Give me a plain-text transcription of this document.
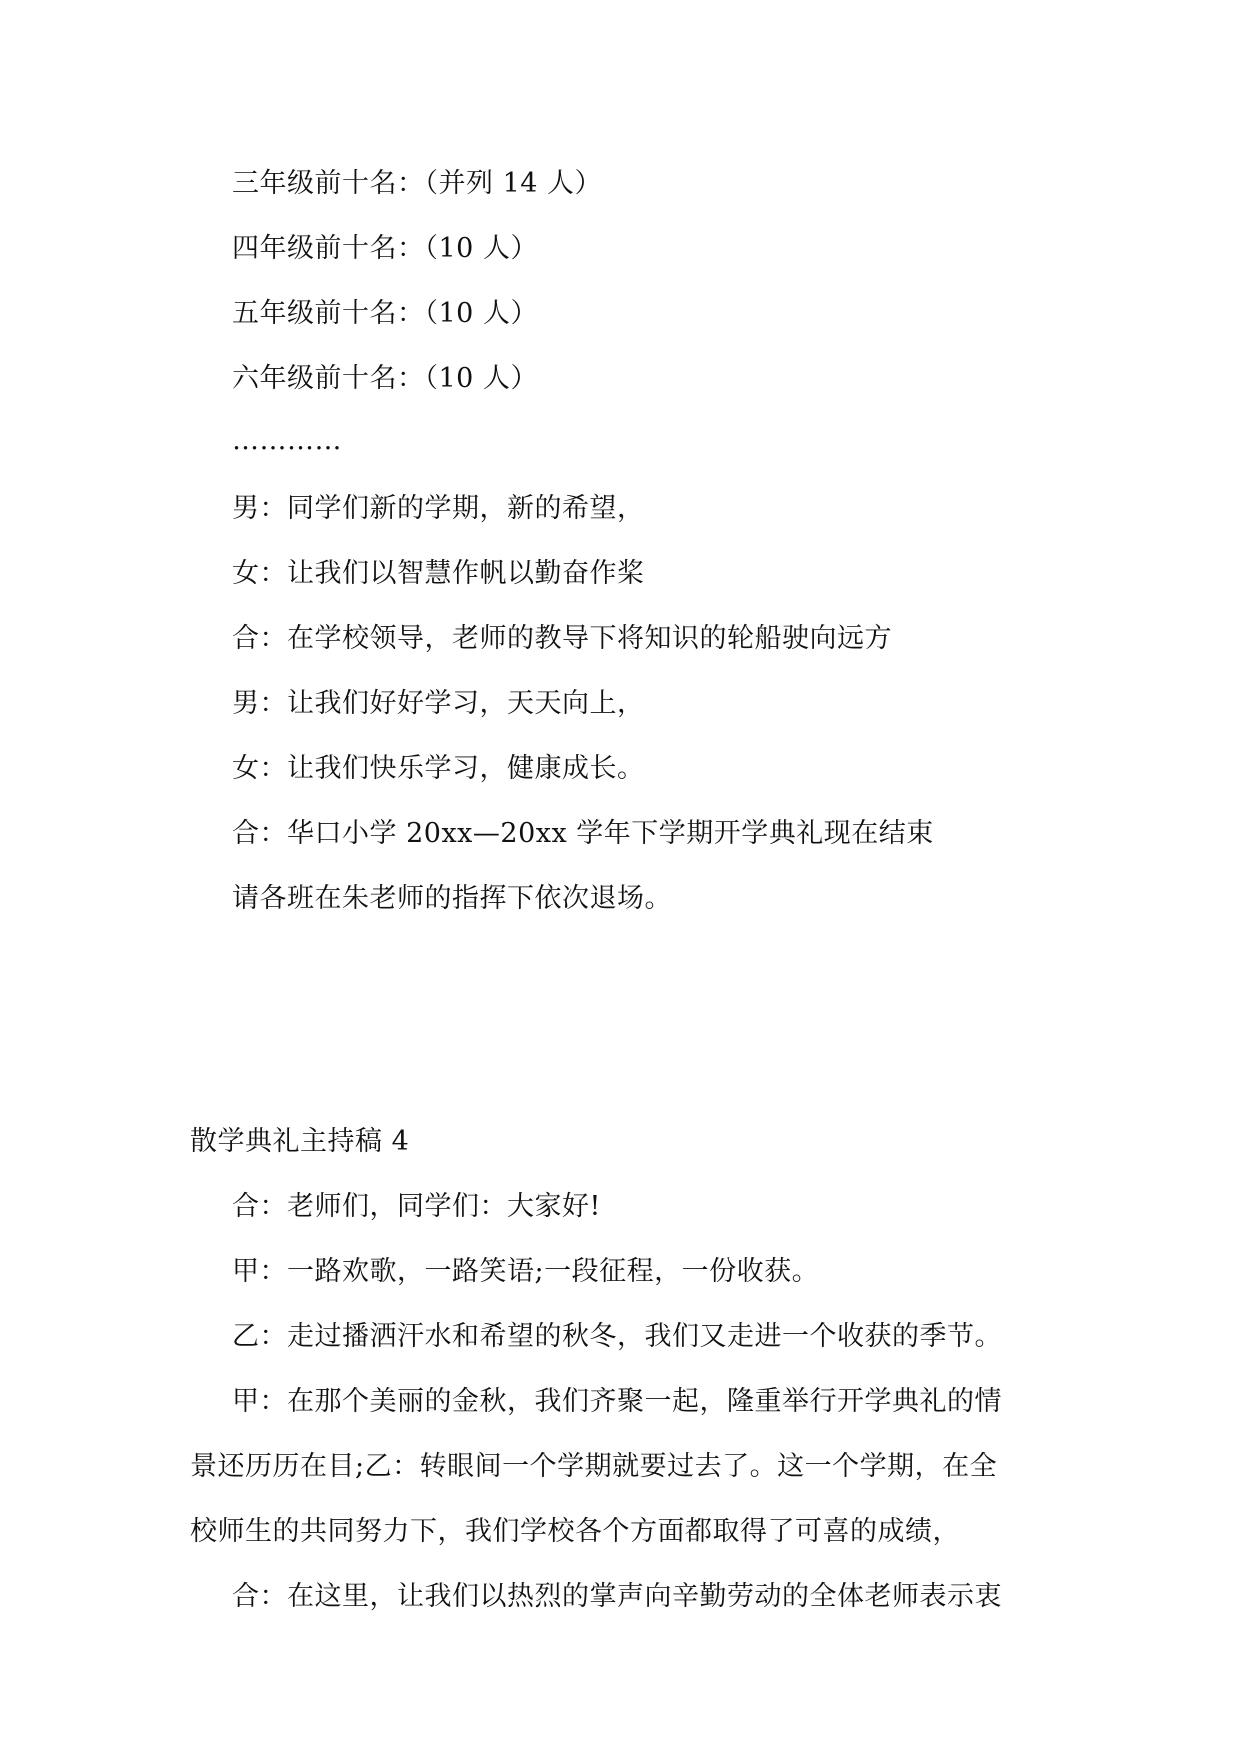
三年级前十名：（并列 14 人）
四年级前十名：（10 人）
五年级前十名：（10 人）
六年级前十名：（10 人）
…………
男：同学们新的学期，新的希望，
女：让我们以智慧作帆以勤奋作桨
合：在学校领导，老师的教导下将知识的轮船驶向远方
男：让我们好好学习，天天向上，
女：让我们快乐学习，健康成长。
合：华口小学 20xx—20xx 学年下学期开学典礼现在结束
请各班在朱老师的指挥下依次退场。
散学典礼主持稿 4
合：老师们，同学们：大家好!
甲：一路欢歌，一路笑语;一段征程，一份收获。
乙：走过播洒汗水和希望的秋冬，我们又走进一个收获的季节。
甲：在那个美丽的金秋，我们齐聚一起，隆重举行开学典礼的情
景还历历在目;乙：转眼间一个学期就要过去了。这一个学期，在全
校师生的共同努力下，我们学校各个方面都取得了可喜的成绩，
合：在这里，让我们以热烈的掌声向辛勤劳动的全体老师表示衷
